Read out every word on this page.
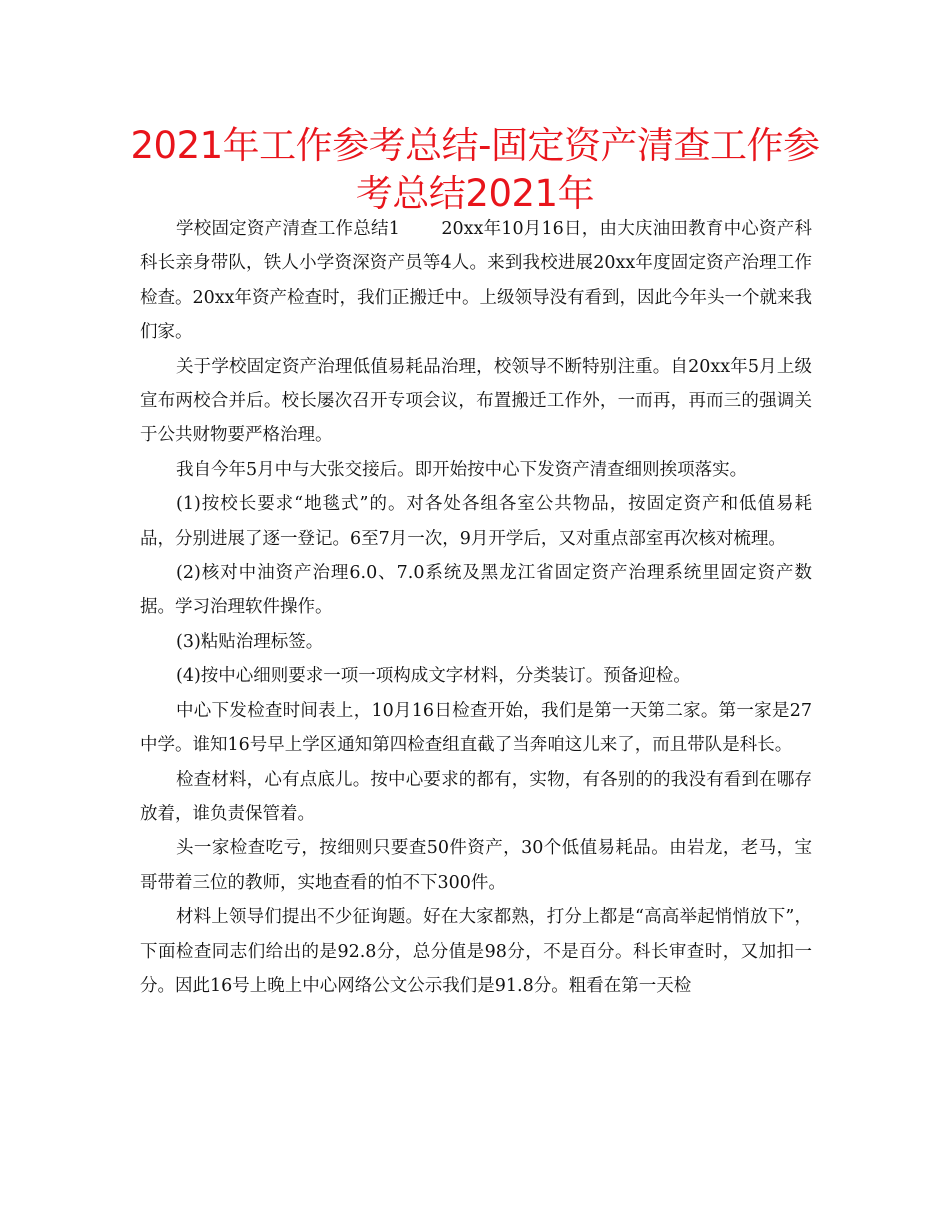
2021年工作参考总结-固定资产清查工作参考总结2021年

学校固定资产清查工作总结1　　 20xx年10月16日，由大庆油田教育中心资产科科长亲身带队，铁人小学资深资产员等4人。来到我校进展20xx年度固定资产治理工作检查。20xx年资产检查时，我们正搬迁中。上级领导没有看到，因此今年头一个就来我们家。

关于学校固定资产治理低值易耗品治理，校领导不断特别注重。自20xx年5月上级宣布两校合并后。校长屡次召开专项会议，布置搬迁工作外，一而再，再而三的强调关于公共财物要严格治理。

我自今年5月中与大张交接后。即开始按中心下发资产清查细则挨项落实。

(1)按校长要求“地毯式”的。对各处各组各室公共物品，按固定资产和低值易耗品，分别进展了逐一登记。6至7月一次，9月开学后，又对重点部室再次核对梳理。

(2)核对中油资产治理6.0、7.0系统及黑龙江省固定资产治理系统里固定资产数据。学习治理软件操作。

(3)粘贴治理标签。

(4)按中心细则要求一项一项构成文字材料，分类装订。预备迎检。

中心下发检查时间表上，10月16日检查开始，我们是第一天第二家。第一家是27中学。谁知16号早上学区通知第四检查组直截了当奔咱这儿来了，而且带队是科长。

检查材料，心有点底儿。按中心要求的都有，实物，有各别的的我没有看到在哪存放着，谁负责保管着。

头一家检查吃亏，按细则只要查50件资产，30个低值易耗品。由岩龙，老马，宝哥带着三位的教师，实地查看的怕不下300件。

材料上领导们提出不少征询题。好在大家都熟，打分上都是“高高举起悄悄放下”，下面检查同志们给出的是92.8分，总分值是98分，不是百分。科长审查时，又加扣一分。因此16号上晚上中心网络公文公示我们是91.8分。粗看在第一天检
